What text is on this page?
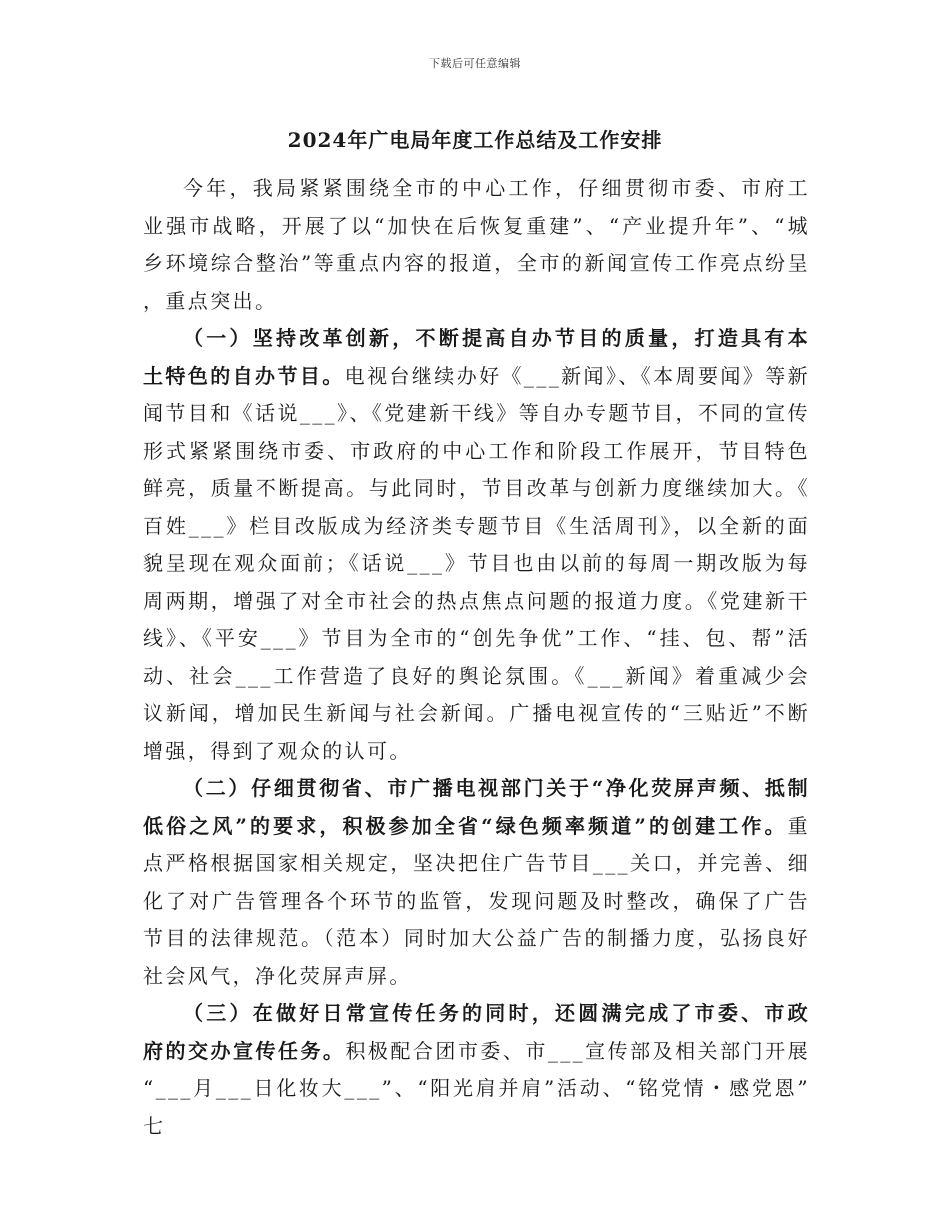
下载后可任意编辑
2024年广电局年度工作总结及工作安排

今年，我局紧紧围绕全市的中心工作，仔细贯彻市委、市府工业强市战略，开展了以“加快在后恢复重建”、“产业提升年”、“城乡环境综合整治”等重点内容的报道，全市的新闻宣传工作亮点纷呈，重点突出。

（一）坚持改革创新，不断提高自办节目的质量，打造具有本土特色的自办节目。电视台继续办好《___新闻》、《本周要闻》等新闻节目和《话说___》、《党建新干线》等自办专题节目，不同的宣传形式紧紧围绕市委、市政府的中心工作和阶段工作展开，节目特色鲜亮，质量不断提高。与此同时，节目改革与创新力度继续加大。《百姓___》栏目改版成为经济类专题节目《生活周刊》，以全新的面貌呈现在观众面前；《话说___》节目也由以前的每周一期改版为每周两期，增强了对全市社会的热点焦点问题的报道力度。《党建新干线》、《平安___》节目为全市的“创先争优”工作、“挂、包、帮”活动、社会___工作营造了良好的舆论氛围。《___新闻》着重减少会议新闻，增加民生新闻与社会新闻。广播电视宣传的“三贴近”不断增强，得到了观众的认可。

（二）仔细贯彻省、市广播电视部门关于“净化荧屏声频、抵制低俗之风”的要求，积极参加全省“绿色频率频道”的创建工作。重点严格根据国家相关规定，坚决把住广告节目___关口，并完善、细化了对广告管理各个环节的监管，发现问题及时整改，确保了广告节目的法律规范。（范本）同时加大公益广告的制播力度，弘扬良好社会风气，净化荧屏声屏。

（三）在做好日常宣传任务的同时，还圆满完成了市委、市政府的交办宣传任务。积极配合团市委、市___宣传部及相关部门开展“___月___日化妆大___”、“阳光肩并肩”活动、“铭党情・感党恩”七
